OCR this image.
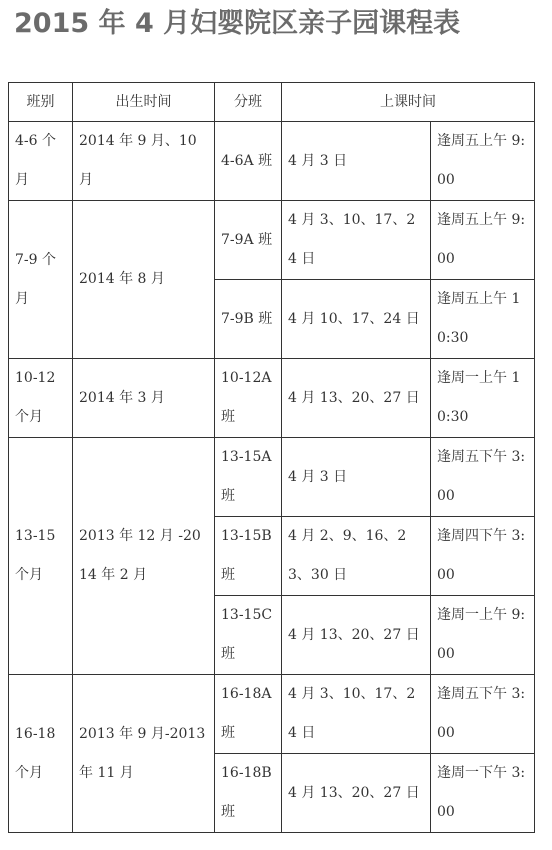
2015 年 4 月妇婴院区亲子园课程表
班别	出生时间	分班	上课时间	
4-6 个月	2014 年 9 月、10 月	4-6A 班	4 月 3 日	逢周五上午 9:00
7-9 个月	2014 年 8 月	7-9A 班	4 月 3、10、17、24 日	逢周五上午 9:00
		7-9B 班	4 月 10、17、24 日	逢周五上午 10:30
10-12 个月	2014 年 3 月	10-12A 班	4 月 13、20、27 日	逢周一上午 10:30
13-15 个月	2013 年 12 月 -2014 年 2 月	13-15A 班	4 月 3 日	逢周五下午 3:00
		13-15B 班	4 月 2、9、16、23、30 日	逢周四下午 3:00
		13-15C 班	4 月 13、20、27 日	逢周一上午 9:00
16-18 个月	2013 年 9 月-2013 年 11 月	16-18A 班	4 月 3、10、17、24 日	逢周五下午 3:00
		16-18B 班	4 月 13、20、27 日	逢周一下午 3:00
